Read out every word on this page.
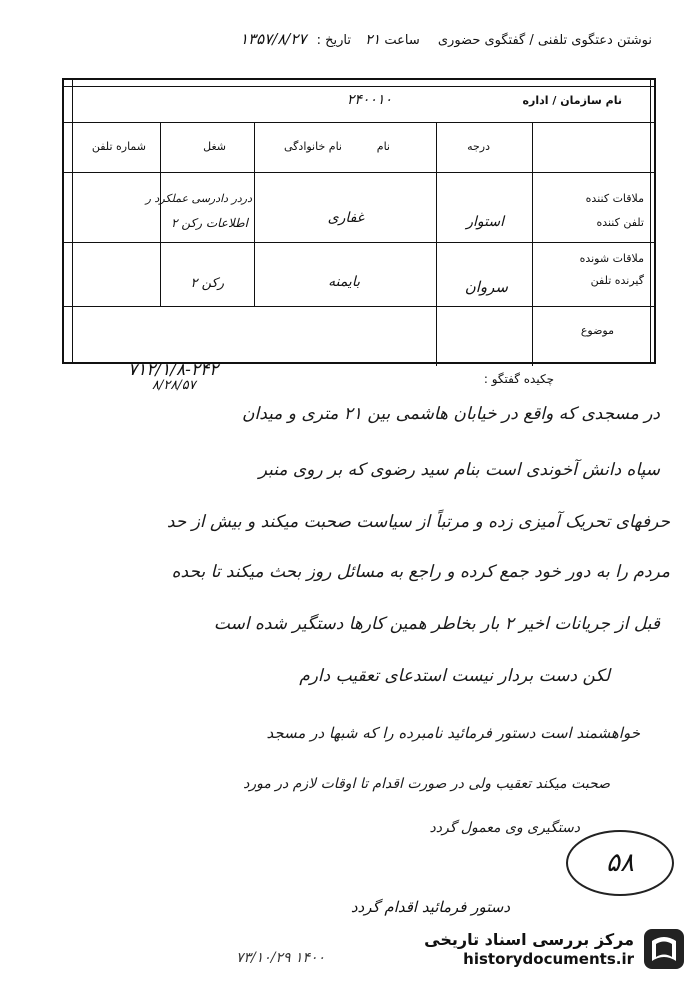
نوشتن دعتگوی تلفنی / گفتگوی حضوری ساعت ۲۱ تاریخ : ۱۳۵۷/۸/۲۷
نام سازمان / اداره
۲۴۰۰۱۰
درجه
نام
نام خانوادگی
شغل
شماره تلفن
ملاقات کننده
تلفن کننده
استوار
غفاری
دردر دادرسی عملکرد ر
اطلاعات رکن ۲
ملاقات شونده
گیرنده تلفن
سروان
بایمنه
رکن ۲
موضوع
چکیده گفتگو :
۷۱۲/۱/۸-۲۴۲
۸/۲۸/۵۷
در مسجدی که واقع در خیابان هاشمی بین ۲۱ متری و میدان
سپاه دانش آخوندی است بنام سید رضوی که بر روی منبر
حرفهای تحریک آمیزی زده و مرتباً از سیاست صحبت میکند و بیش از حد
مردم را به دور خود جمع کرده و راجع به مسائل روز بحث میکند تا بحده
قبل از جریانات اخیر ۲ بار بخاطر همین کارها دستگیر شده است
لکن دست بردار نیست استدعای تعقیب دارم
خواهشمند است دستور فرمائید نامبرده را که شبها در مسجد
صحبت میکند تعقیب ولی در صورت اقدام تا اوقات لازم در مورد
دستگیری وی معمول گردد
دستور فرمائید اقدام گردد
۵۸
۷۳/۱۰/۲۹ ۱۴۰۰
مرکز بررسی اسناد تاریخی
historydocuments.ir
